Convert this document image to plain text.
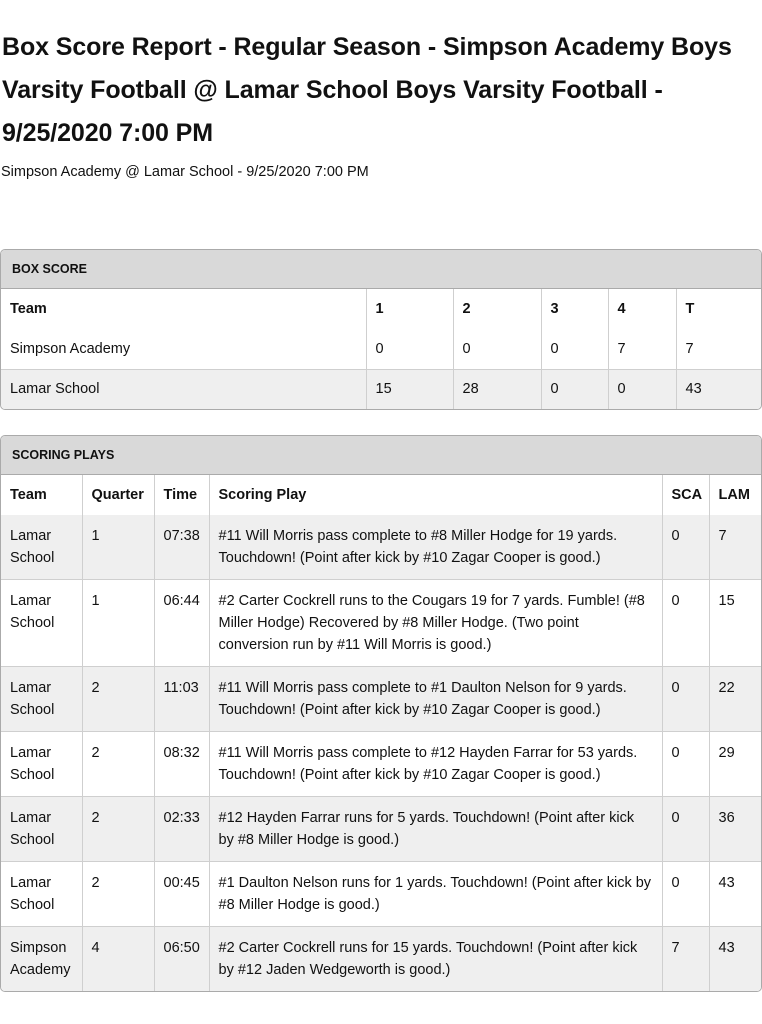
Box Score Report - Regular Season - Simpson Academy Boys Varsity Football @ Lamar School Boys Varsity Football - 9/25/2020 7:00 PM
Simpson Academy @ Lamar School - 9/25/2020 7:00 PM
BOX SCORE
Team	1	2	3	4	T
Simpson Academy	0	0	0	7	7
Lamar School	15	28	0	0	43
SCORING PLAYS
Team	Quarter	Time	Scoring Play	SCA	LAM
Lamar School	1	07:38	#11 Will Morris pass complete to #8 Miller Hodge for 19 yards. Touchdown! (Point after kick by #10 Zagar Cooper is good.)	0	7
Lamar School	1	06:44	#2 Carter Cockrell runs to the Cougars 19 for 7 yards. Fumble! (#8 Miller Hodge) Recovered by #8 Miller Hodge. (Two point conversion run by #11 Will Morris is good.)	0	15
Lamar School	2	11:03	#11 Will Morris pass complete to #1 Daulton Nelson for 9 yards. Touchdown! (Point after kick by #10 Zagar Cooper is good.)	0	22
Lamar School	2	08:32	#11 Will Morris pass complete to #12 Hayden Farrar for 53 yards. Touchdown! (Point after kick by #10 Zagar Cooper is good.)	0	29
Lamar School	2	02:33	#12 Hayden Farrar runs for 5 yards. Touchdown! (Point after kick by #8 Miller Hodge is good.)	0	36
Lamar School	2	00:45	#1 Daulton Nelson runs for 1 yards. Touchdown! (Point after kick by #8 Miller Hodge is good.)	0	43
Simpson Academy	4	06:50	#2 Carter Cockrell runs for 15 yards. Touchdown! (Point after kick by #12 Jaden Wedgeworth is good.)	7	43
